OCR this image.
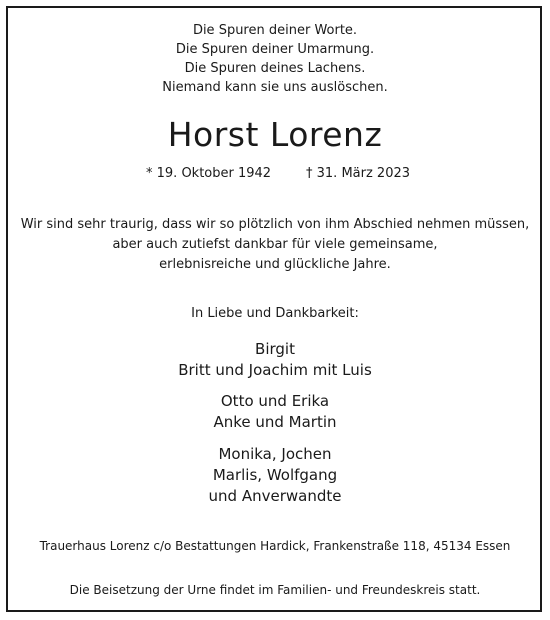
Die Spuren deiner Worte.
Die Spuren deiner Umarmung.
Die Spuren deines Lachens.
Niemand kann sie uns auslöschen.
Horst Lorenz
* 19. Oktober 1942	† 31. März 2023
Wir sind sehr traurig, dass wir so plötzlich von ihm Abschied nehmen müssen,
aber auch zutiefst dankbar für viele gemeinsame,
erlebnisreiche und glückliche Jahre.
In Liebe und Dankbarkeit:
Birgit
Britt und Joachim mit Luis
Otto und Erika
Anke und Martin
Monika, Jochen
Marlis, Wolfgang
und Anverwandte
Trauerhaus Lorenz c/o Bestattungen Hardick, Frankenstraße 118, 45134 Essen
Die Beisetzung der Urne findet im Familien- und Freundeskreis statt.
